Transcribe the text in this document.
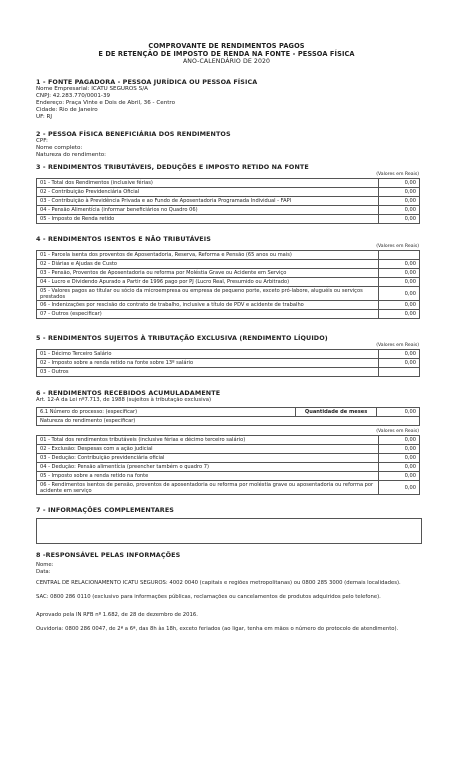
COMPROVANTE DE RENDIMENTOS PAGOS
E DE RETENÇÃO DE IMPOSTO DE RENDA NA FONTE - PESSOA FÍSICA
ANO-CALENDÁRIO DE 2020
1 - FONTE PAGADORA - PESSOA JURÍDICA OU PESSOA FÍSICA
Nome Empresarial: ICATU SEGUROS S/A
CNPJ: 42.283.770/0001-39
Endereço: Praça Vinte e Dois de Abril, 36 - Centro
Cidade: Rio de Janeiro
UF: RJ
2 - PESSOA FÍSICA BENEFICIÁRIA DOS RENDIMENTOS
CPF:
Nome completo:
Natureza do rendimento:
3 - RENDIMENTOS TRIBUTÁVEIS, DEDUÇÕES E IMPOSTO RETIDO NA FONTE
(Valores em Reais)
01 - Total dos Rendimentos (inclusive férias)	0,00
02 - Contribuição Previdenciária Oficial	0,00
03 - Contribuição à Previdência Privada e ao Fundo de Aposentadoria Programada Individual - FAPI	0,00
04 - Pensão Alimentícia (informar beneficiários no Quadro 06)	0,00
05 - Imposto de Renda retido	0,00
4 - RENDIMENTOS ISENTOS E NÃO TRIBUTÁVEIS
(Valores em Reais)
01 - Parcela isenta dos proventos de Aposentadoria, Reserva, Reforma e Pensão (65 anos ou mais)	
02 - Diárias e Ajudas de Custo	0,00
03 - Pensão, Proventos de Aposentadoria ou reforma por Moléstia Grave ou Acidente em Serviço	0,00
04 - Lucro e Dividendo Apurado a Partir de 1996 pago por PJ (Lucro Real, Presumido ou Arbitrado)	0,00
05 - Valores pagos ao titular ou sócio da microempresa ou empresa de pequeno porte, exceto pró-labore, aluguéis ou serviços prestados	0,00
06 - Indenizações por rescisão do contrato de trabalho, inclusive a título de PDV e acidente de trabalho	0,00
07 - Outros (especificar)	0,00
5 - RENDIMENTOS SUJEITOS À TRIBUTAÇÃO EXCLUSIVA (RENDIMENTO LÍQUIDO)
(Valores em Reais)
01 - Décimo Terceiro Salário	0,00
02 - Imposto sobre a renda retido na fonte sobre 13º salário	0,00
03 - Outros	
6 - RENDIMENTOS RECEBIDOS ACUMULADAMENTE
Art. 12-A da Lei nº7.713, de 1988 (sujeitos à tributação exclusiva)
6.1 Número do processo: (especificar)	Quantidade de meses	0,00
Natureza do rendimento (especificar)
(Valores em Reais)
01 - Total dos rendimentos tributáveis (inclusive férias e décimo terceiro salário)	0,00
02 - Exclusão: Despesas com a ação judicial	0,00
03 - Dedução: Contribuição previdenciária oficial	0,00
04 - Dedução: Pensão alimentícia (preencher também o quadro 7)	0,00
05 - Imposto sobre a renda retido na fonte	0,00
06 - Rendimentos isentos de pensão, proventos de aposentadoria ou reforma por moléstia grave ou aposentadoria ou reforma por acidente em serviço	0,00
7 - INFORMAÇÕES COMPLEMENTARES
8 -RESPONSÁVEL PELAS INFORMAÇÕES
Nome:
Data:
CENTRAL DE RELACIONAMENTO ICATU SEGUROS: 4002 0040 (capitais e regiões metropolitanas) ou 0800 285 3000 (demais localidades).
SAC: 0800 286 0110 (exclusivo para informações públicas, reclamações ou cancelamentos de produtos adquiridos pelo telefone).
Aprovado pela IN RFB nº 1.682, de 28 de dezembro de 2016.
Ouvidoria: 0800 286 0047, de 2ª a 6ª, das 8h às 18h, exceto feriados (ao ligar, tenha em mãos o número do protocolo de atendimento).
